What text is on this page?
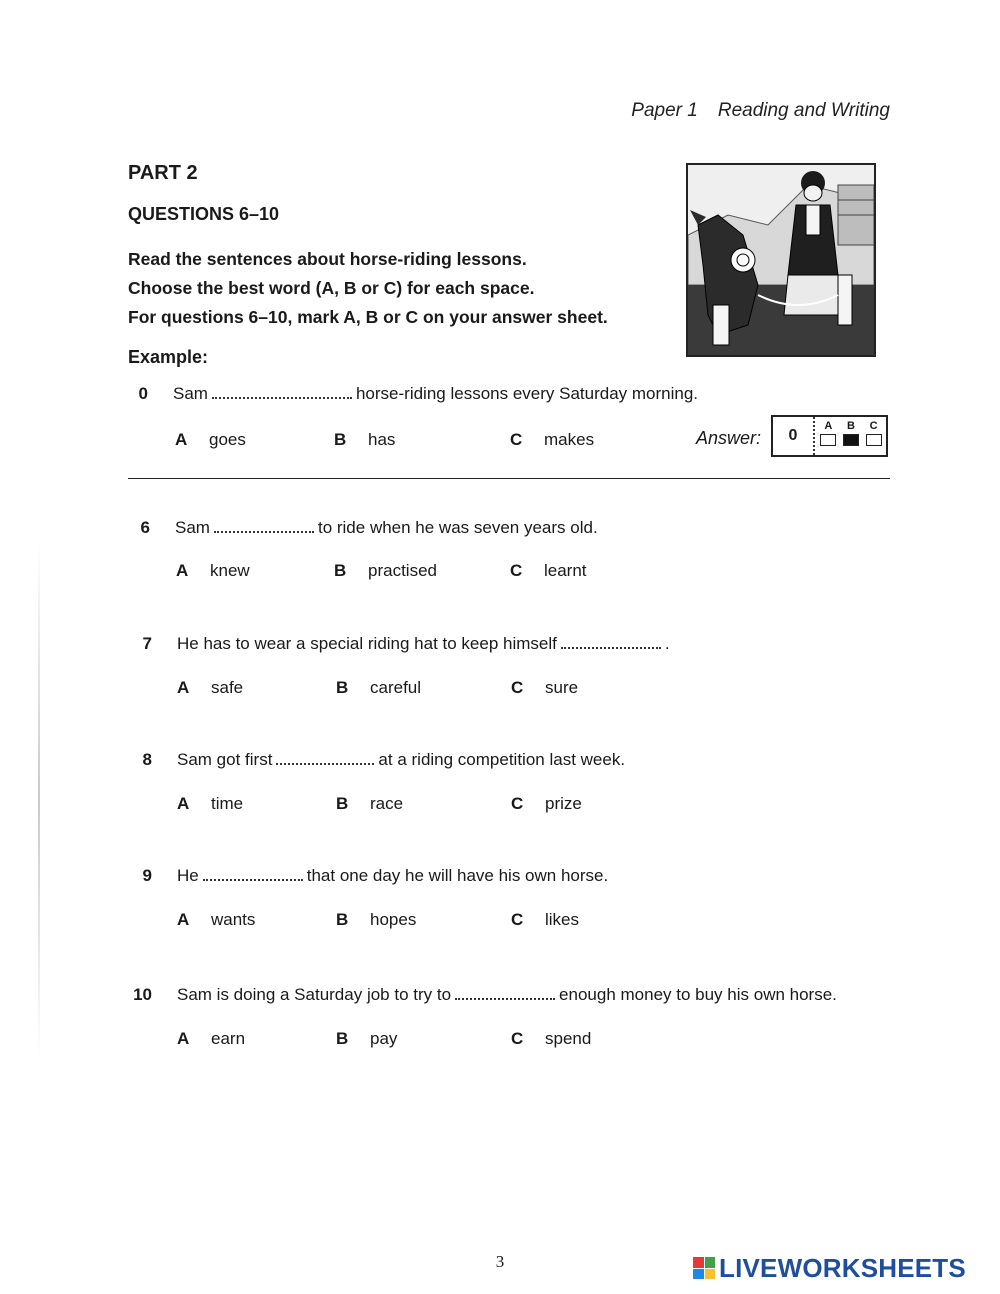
Paper 1 Reading and Writing
PART 2
QUESTIONS 6–10
Read the sentences about horse-riding lessons.
Choose the best word (A, B or C) for each space.
For questions 6–10, mark A, B or C on your answer sheet.
Example:
0 Sam	horse-riding lessons every Saturday morning.
A goes	B has	C makes	Answer:	0
A B C
6 Sam	to ride when he was seven years old.
A knew	B practised	C learnt
7 He has to wear a special riding hat to keep himself	.
A safe	B careful	C sure
8 Sam got first	at a riding competition last week.
A time	B race	C prize
9 He	that one day he will have his own horse.
A wants	B hopes	C likes
10 Sam is doing a Saturday job to try to	enough money to buy his own horse.
A earn	B pay	C spend
3	LIVEWORKSHEETS
